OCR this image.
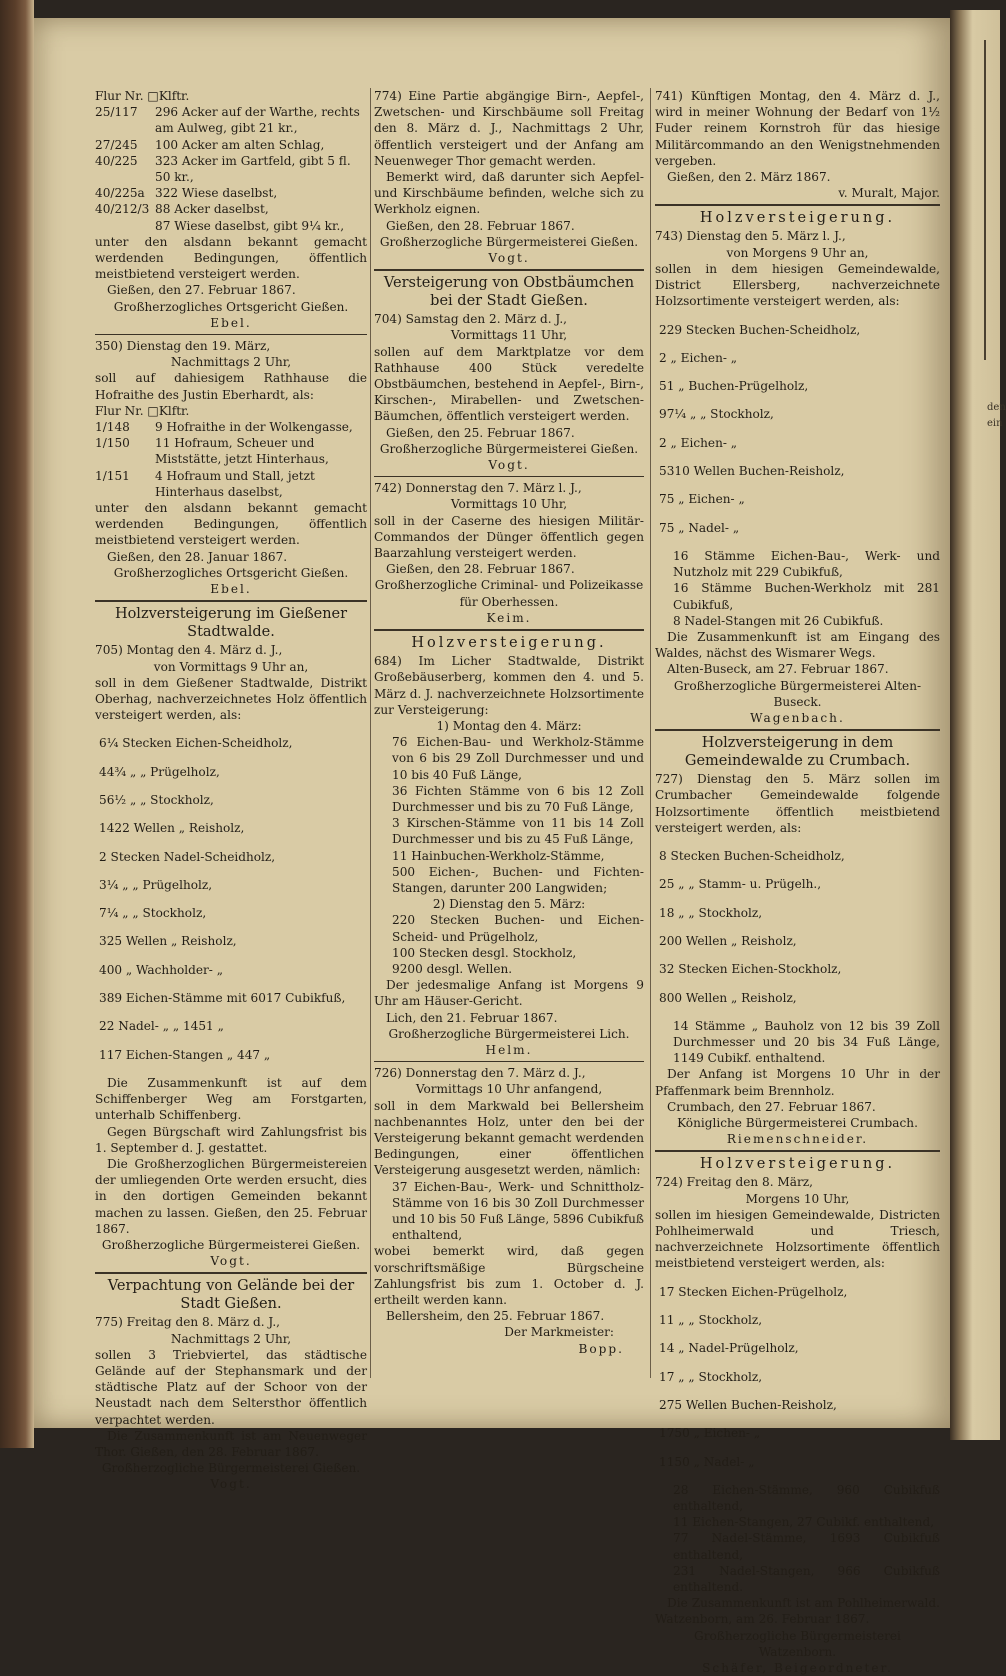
den
ein

Flur Nr. □Klftr.

25/117	296 Acker auf der Warthe, rechts am Aulweg, gibt 21 kr.,
27/245	100 Acker am alten Schlag,
40/225	323 Acker im Gartfeld, gibt 5 fl. 50 kr.,
40/225a 322 Wiese daselbst,
40/212/3 88 Acker daselbst,
87 Wiese daselbst, gibt 9¼ kr.,

unter den alsdann bekannt gemacht werdenden Bedingungen, öffentlich meistbietend versteigert werden.

Gießen, den 27. Februar 1867.

Großherzogliches Ortsgericht Gießen.

Ebel.

350) Dienstag den 19. März,

Nachmittags 2 Uhr,

soll auf dahiesigem Rathhause die Hofraithe des Justin Eberhardt, als:

Flur Nr. □Klftr.

1/148	9 Hofraithe in der Wolkengasse,
1/150	11 Hofraum, Scheuer und Miststätte, jetzt Hinterhaus,
1/151	4 Hofraum und Stall, jetzt Hinterhaus daselbst,

unter den alsdann bekannt gemacht werdenden Bedingungen, öffentlich meistbietend versteigert werden.

Gießen, den 28. Januar 1867.

Großherzogliches Ortsgericht Gießen.

Ebel.

Holzversteigerung im Gießener Stadtwalde.

705) Montag den 4. März d. J.,

von Vormittags 9 Uhr an,

soll in dem Gießener Stadtwalde, Distrikt Oberhag, nachverzeichnetes Holz öffentlich versteigert werden, als:

6¼ Stecken Eichen-Scheidholz,

44¾ „ „ Prügelholz,

56½ „ „ Stockholz,

1422 Wellen „ Reisholz,

2 Stecken Nadel-Scheidholz,

3¼ „ „ Prügelholz,

7¼ „ „ Stockholz,

325 Wellen „ Reisholz,

400 „ Wachholder- „

389 Eichen-Stämme mit 6017 Cubikfuß,

22 Nadel- „ „ 1451 „

117 Eichen-Stangen „ 447 „

Die Zusammenkunft ist auf dem Schiffenberger Weg am Forstgarten, unterhalb Schiffenberg.

Gegen Bürgschaft wird Zahlungsfrist bis 1. September d. J. gestattet.

Die Großherzoglichen Bürgermeistereien der umliegenden Orte werden ersucht, dies in den dortigen Gemeinden bekannt machen zu lassen. Gießen, den 25. Februar 1867.

Großherzogliche Bürgermeisterei Gießen.

Vogt.

Verpachtung von Gelände bei der Stadt Gießen.

775) Freitag den 8. März d. J.,

Nachmittags 2 Uhr,

sollen 3 Triebviertel, das städtische Gelände auf der Stephansmark und der städtische Platz auf der Schoor von der Neustadt nach dem Seltersthor öffentlich verpachtet werden.

Die Zusammenkunft ist am Neuenweger Thor. Gießen, den 28. Februar 1867.

Großherzogliche Bürgermeisterei Gießen.

Vogt.

774) Eine Partie abgängige Birn-, Aepfel-, Zwetschen- und Kirschbäume soll Freitag den 8. März d. J., Nachmittags 2 Uhr, öffentlich versteigert und der Anfang am Neuenweger Thor gemacht werden.

Bemerkt wird, daß darunter sich Aepfel- und Kirschbäume befinden, welche sich zu Werkholz eignen.

Gießen, den 28. Februar 1867.

Großherzogliche Bürgermeisterei Gießen.

Vogt.

Versteigerung von Obstbäumchen bei der Stadt Gießen.

704) Samstag den 2. März d. J.,

Vormittags 11 Uhr,

sollen auf dem Marktplatze vor dem Rathhause 400 Stück veredelte Obstbäumchen, bestehend in Aepfel-, Birn-, Kirschen-, Mirabellen- und Zwetschen-Bäumchen, öffentlich versteigert werden.

Gießen, den 25. Februar 1867.

Großherzogliche Bürgermeisterei Gießen.

Vogt.

742) Donnerstag den 7. März l. J.,

Vormittags 10 Uhr,

soll in der Caserne des hiesigen Militär-Commandos der Dünger öffentlich gegen Baarzahlung versteigert werden.

Gießen, den 28. Februar 1867.

Großherzogliche Criminal- und Polizeikasse für Oberhessen.

Keim.

Holzversteigerung.

684) Im Licher Stadtwalde, Distrikt Großebäuserberg, kommen den 4. und 5. März d. J. nachverzeichnete Holzsortimente zur Versteigerung:

1) Montag den 4. März:

76 Eichen-Bau- und Werkholz-Stämme von 6 bis 29 Zoll Durchmesser und und 10 bis 40 Fuß Länge,

36 Fichten Stämme von 6 bis 12 Zoll Durchmesser und bis zu 70 Fuß Länge,

3 Kirschen-Stämme von 11 bis 14 Zoll Durchmesser und bis zu 45 Fuß Länge,

11 Hainbuchen-Werkholz-Stämme,

500 Eichen-, Buchen- und Fichten-Stangen, darunter 200 Langwiden;

2) Dienstag den 5. März:

220 Stecken Buchen- und Eichen-Scheid- und Prügelholz,

100 Stecken desgl. Stockholz,

9200 desgl. Wellen.

Der jedesmalige Anfang ist Morgens 9 Uhr am Häuser-Gericht.

Lich, den 21. Februar 1867.

Großherzogliche Bürgermeisterei Lich.

Helm.

726) Donnerstag den 7. März d. J.,

Vormittags 10 Uhr anfangend,

soll in dem Markwald bei Bellersheim nachbenanntes Holz, unter den bei der Versteigerung bekannt gemacht werdenden Bedingungen, einer öffentlichen Versteigerung ausgesetzt werden, nämlich:

37 Eichen-Bau-, Werk- und Schnittholz-Stämme von 16 bis 30 Zoll Durchmesser und 10 bis 50 Fuß Länge, 5896 Cubikfuß enthaltend,

wobei bemerkt wird, daß gegen vorschriftsmäßige Bürgscheine Zahlungsfrist bis zum 1. October d. J. ertheilt werden kann.

Bellersheim, den 25. Februar 1867.

Der Markmeister:

Bopp.

741) Künftigen Montag, den 4. März d. J., wird in meiner Wohnung der Bedarf von 1½ Fuder reinem Kornstroh für das hiesige Militärcommando an den Wenigstnehmenden vergeben.

Gießen, den 2. März 1867.

v. Muralt, Major.

Holzversteigerung.

743) Dienstag den 5. März l. J.,

von Morgens 9 Uhr an,

sollen in dem hiesigen Gemeindewalde, District Ellersberg, nachverzeichnete Holzsortimente versteigert werden, als:

229 Stecken Buchen-Scheidholz,

2 „ Eichen- „

51 „ Buchen-Prügelholz,

97¼ „ „ Stockholz,

2 „ Eichen- „

5310 Wellen Buchen-Reisholz,

75 „ Eichen- „

75 „ Nadel- „

16 Stämme Eichen-Bau-, Werk- und Nutzholz mit 229 Cubikfuß,

16 Stämme Buchen-Werkholz mit 281 Cubikfuß,

8 Nadel-Stangen mit 26 Cubikfuß.

Die Zusammenkunft ist am Eingang des Waldes, nächst des Wismarer Wegs.

Alten-Buseck, am 27. Februar 1867.

Großherzogliche Bürgermeisterei Alten-Buseck.

Wagenbach.

Holzversteigerung in dem Gemeindewalde zu Crumbach.

727) Dienstag den 5. März sollen im Crumbacher Gemeindewalde folgende Holzsortimente öffentlich meistbietend versteigert werden, als:

8 Stecken Buchen-Scheidholz,

25 „ „ Stamm- u. Prügelh.,

18 „ „ Stockholz,

200 Wellen „ Reisholz,

32 Stecken Eichen-Stockholz,

800 Wellen „ Reisholz,

14 Stämme „ Bauholz von 12 bis 39 Zoll Durchmesser und 20 bis 34 Fuß Länge, 1149 Cubikf. enthaltend.

Der Anfang ist Morgens 10 Uhr in der Pfaffenmark beim Brennholz.

Crumbach, den 27. Februar 1867.

Königliche Bürgermeisterei Crumbach.

Riemenschneider.

Holzversteigerung.

724) Freitag den 8. März,

Morgens 10 Uhr,

sollen im hiesigen Gemeindewalde, Districten Pohlheimerwald und Triesch, nachverzeichnete Holzsortimente öffentlich meistbietend versteigert werden, als:

17 Stecken Eichen-Prügelholz,

11 „ „ Stockholz,

14 „ Nadel-Prügelholz,

17 „ „ Stockholz,

275 Wellen Buchen-Reisholz,

1750 „ Eichen- „

1150 „ Nadel- „

28 Eichen-Stämme, 960 Cubikfuß enthaltend,

11 Eichen-Stangen, 27 Cubikf. enthaltend,

77 Nadel-Stämme, 1693 Cubikfuß enthaltend,

231 Nadel-Stangen, 966 Cubikfuß enthaltend.

Die Zusammenkunft ist am Pohlheimerwald. Watzenborn, am 26. Februar 1867.

Großherzogliche Bürgermeisterei Watzenborn.

Schäfer, Beigeordneter.
